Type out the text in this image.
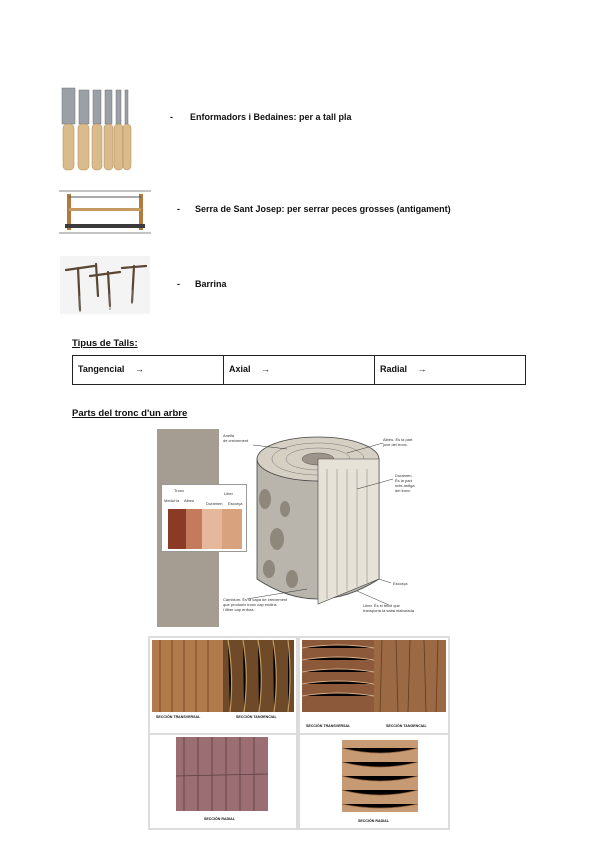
- Enformadors i Bedaines: per a tall pla
- Serra de Sant Josep: per serrar peces grosses (antigament)
- Barrina
Tipus de Talls:
Tangencial →	Axial →	Radial →
Parts del tronc d'un arbre
Tronc
Liber
Medul·la Albeu
Duramen Escorça
Anella
de creixement	Albeu. És la part
jove del tronc.
Duramen.
És la part
més antiga
del tronc
Escorça
Càmbium. És la capa de creixement
que produeix tronc cap endins
i lliber cap enfora.
Liber. És el teixit que
transporta la saba elaborada
SECCIÓN TRANSVERSAL	SECCIÓN TANGENCIAL
SECCIÓN TRANSVERSAL	SECCIÓN TANGENCIAL
SECCIÓN RADIAL	SECCIÓN RADIAL
